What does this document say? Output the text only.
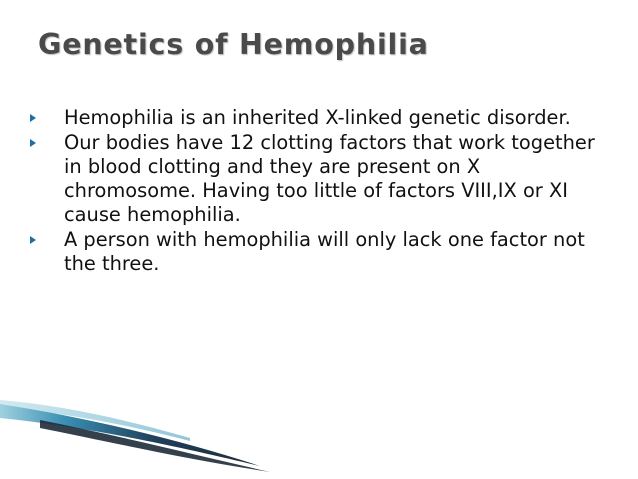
Genetics of Hemophilia
Hemophilia is an inherited X-linked genetic disorder.
Our bodies have 12 clotting factors that work together in blood clotting and they are present on X chromosome. Having too little of factors VIII,IX or XI cause hemophilia.
A person with hemophilia will only lack one factor not the three.
